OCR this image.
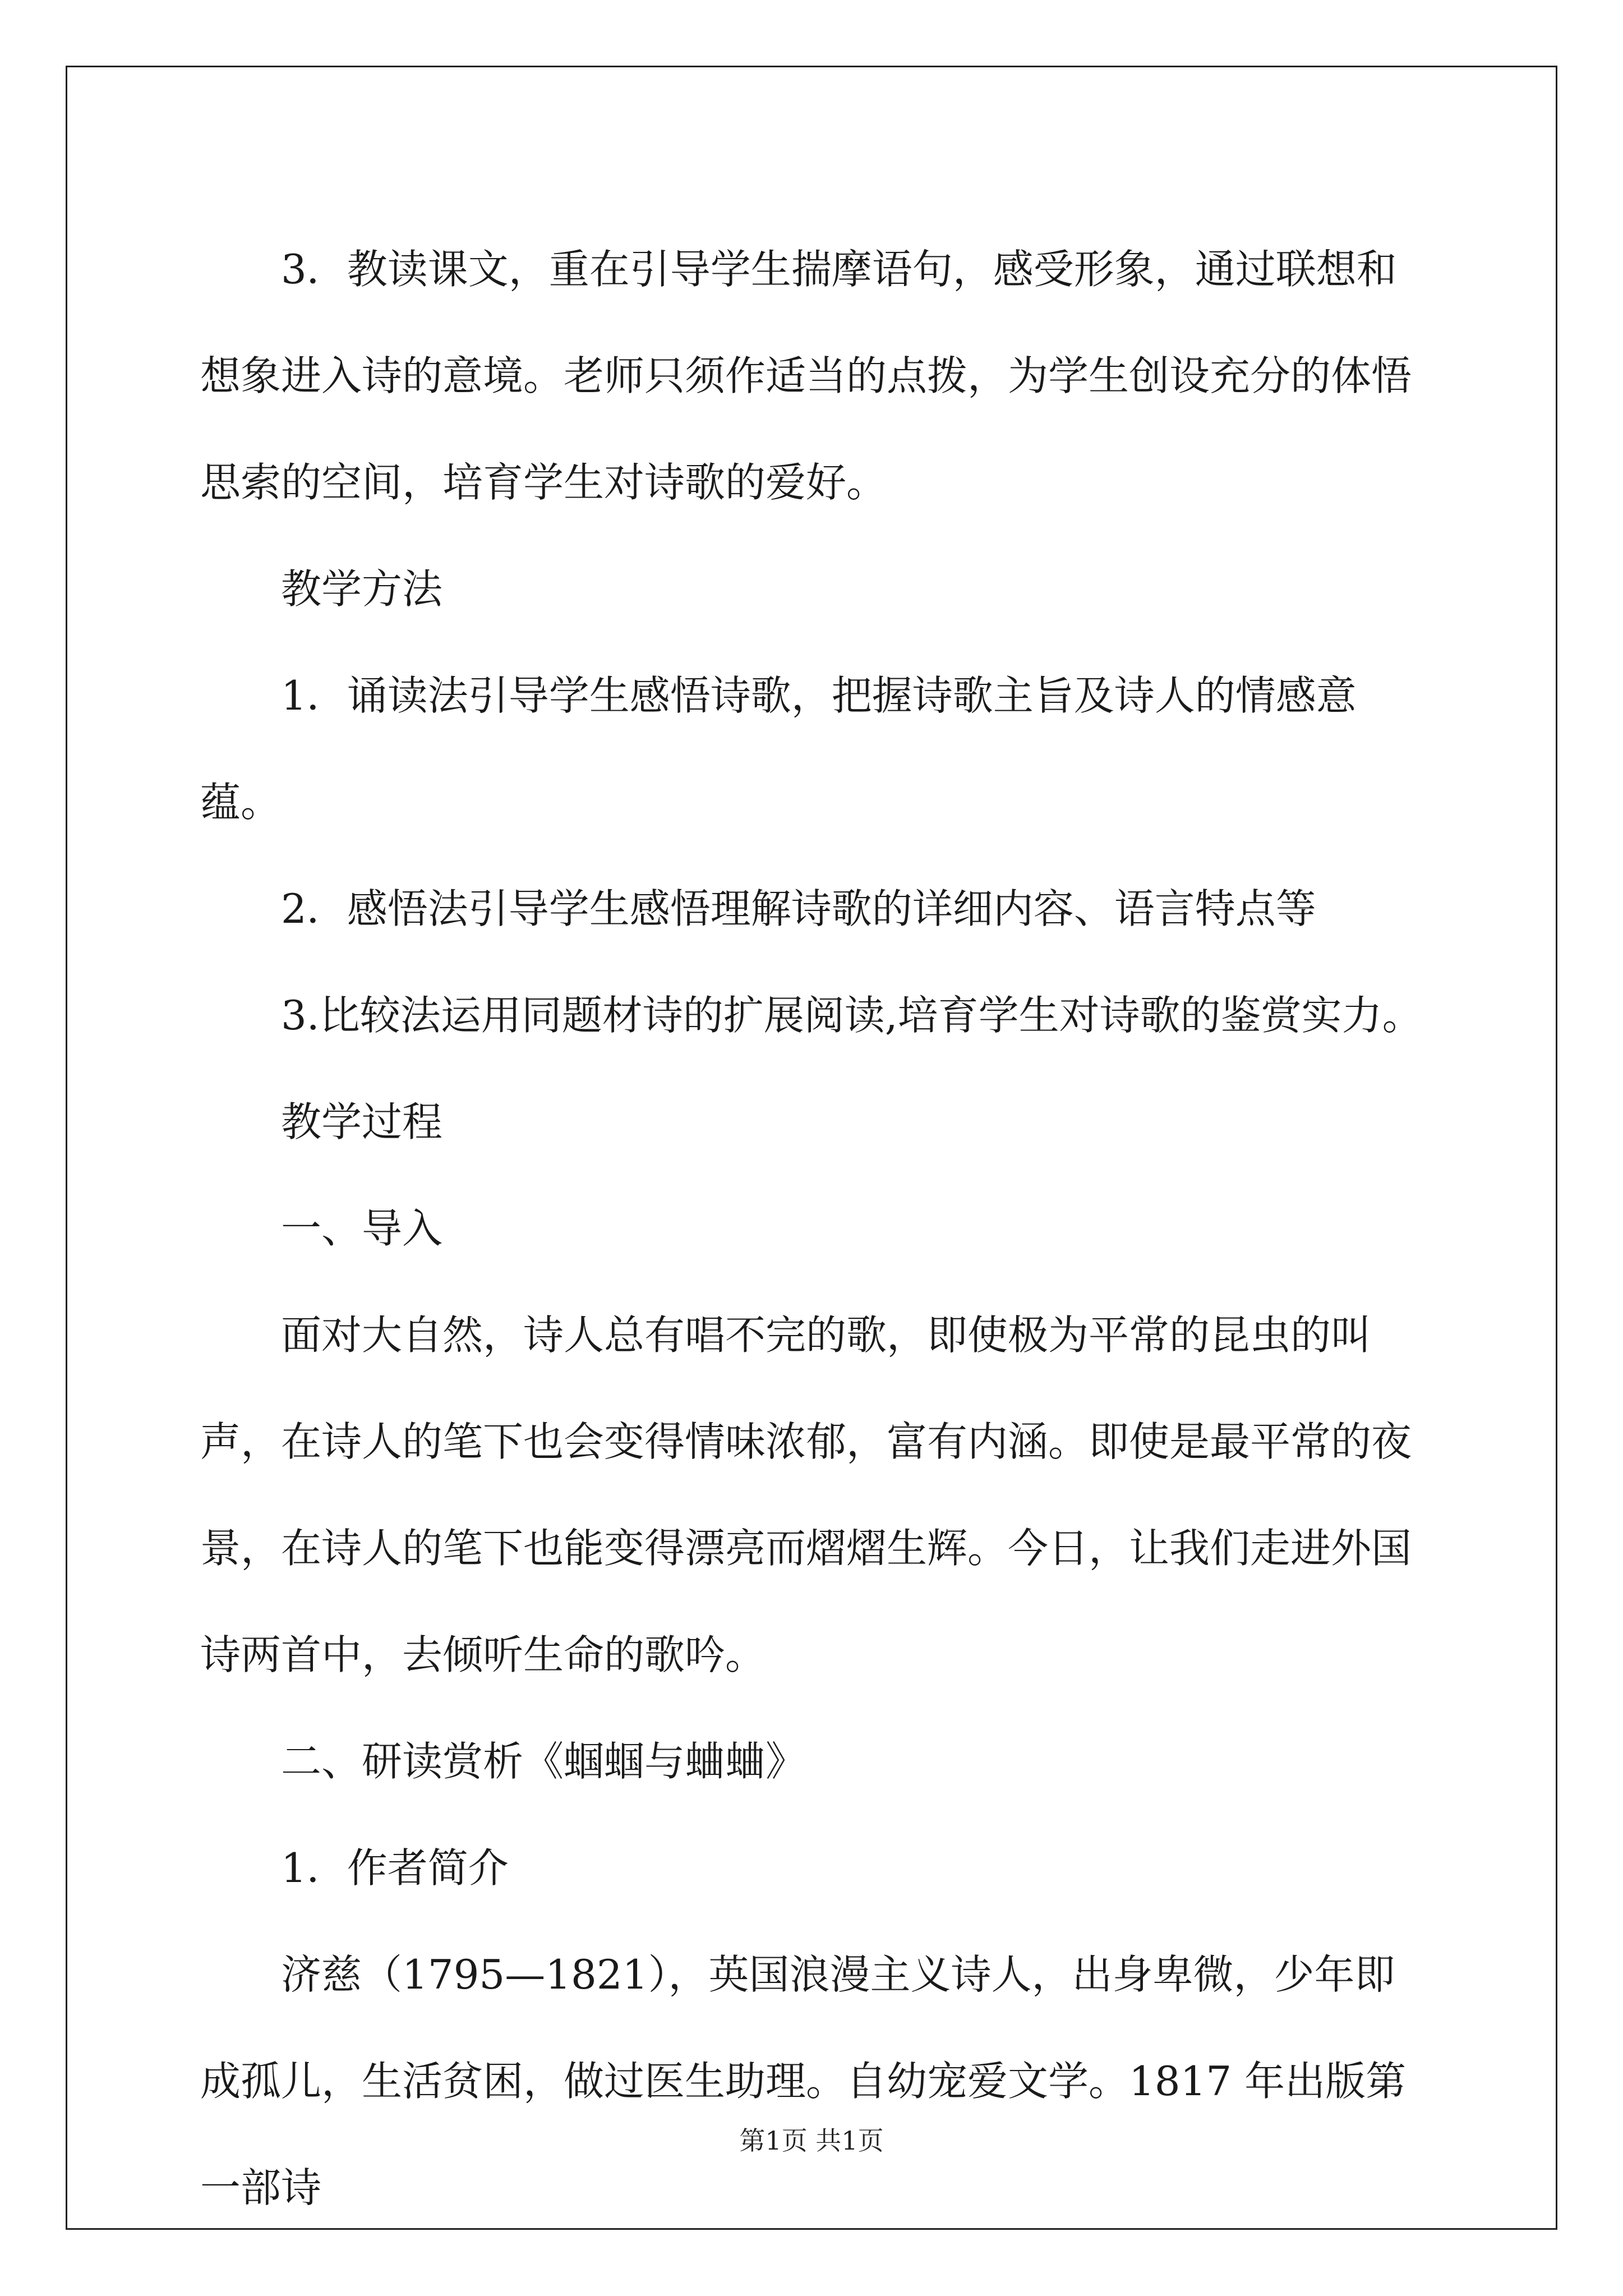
3．教读课文，重在引导学生揣摩语句，感受形象，通过联想和想象进入诗的意境。老师只须作适当的点拨，为学生创设充分的体悟思索的空间，培育学生对诗歌的爱好。

教学方法

1．诵读法引导学生感悟诗歌，把握诗歌主旨及诗人的情感意蕴。

2．感悟法引导学生感悟理解诗歌的详细内容、语言特点等

3.比较法运用同题材诗的扩展阅读,培育学生对诗歌的鉴赏实力。

教学过程

一、导入

面对大自然，诗人总有唱不完的歌，即使极为平常的昆虫的叫声，在诗人的笔下也会变得情味浓郁，富有内涵。即使是最平常的夜景，在诗人的笔下也能变得漂亮而熠熠生辉。今日，让我们走进外国诗两首中，去倾听生命的歌吟。

二、研读赏析《蝈蝈与蛐蛐》

1．作者简介

济慈（1795—1821），英国浪漫主义诗人，出身卑微，少年即成孤儿，生活贫困，做过医生助理。自幼宠爱文学。1817 年出版第一部诗

第1页 共1页
